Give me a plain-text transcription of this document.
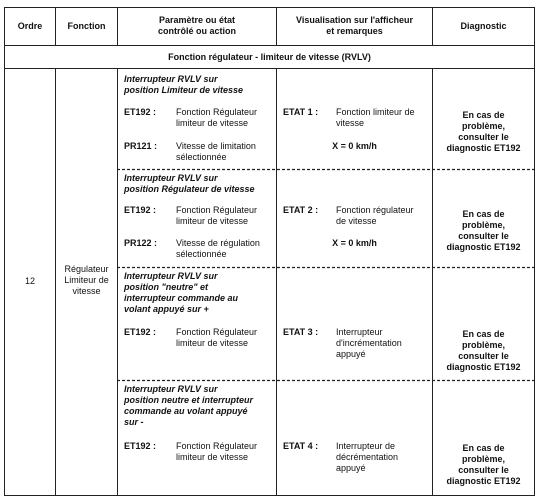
Ordre	Fonction
Paramètre ou état
contrôlé ou action
Visualisation sur l'afficheur
et remarques	Diagnostic
Fonction régulateur - limiteur de vitesse (RVLV)
12
Régulateur
Limiteur de
vitesse
Interrupteur RVLV sur
position Limiteur de vitesse
ET192 : Fonction Régulateur
limiteur de vitesse
PR121 : Vitesse de limitation
sélectionnée
ETAT 1 : Fonction limiteur de
vitesse
X = 0 km/h
En cas de
problème,
consulter le
diagnostic ET192
Interrupteur RVLV sur
position Régulateur de vitesse
ET192 : Fonction Régulateur
limiteur de vitesse
PR122 : Vitesse de régulation
sélectionnée
ETAT 2 : Fonction régulateur
de vitesse
X = 0 km/h
En cas de
problème,
consulter le
diagnostic ET192
Interrupteur RVLV sur
position "neutre" et
interrupteur commande au
volant appuyé sur +
ET192 : Fonction Régulateur
limiteur de vitesse
ETAT 3 : Interrupteur
d'incrémentation
appuyé
En cas de
problème,
consulter le
diagnostic ET192
Interrupteur RVLV sur
position neutre et interrupteur
commande au volant appuyé
sur -
ET192 : Fonction Régulateur
limiteur de vitesse
ETAT 4 : Interrupteur de
décrémentation
appuyé
En cas de
problème,
consulter le
diagnostic ET192
